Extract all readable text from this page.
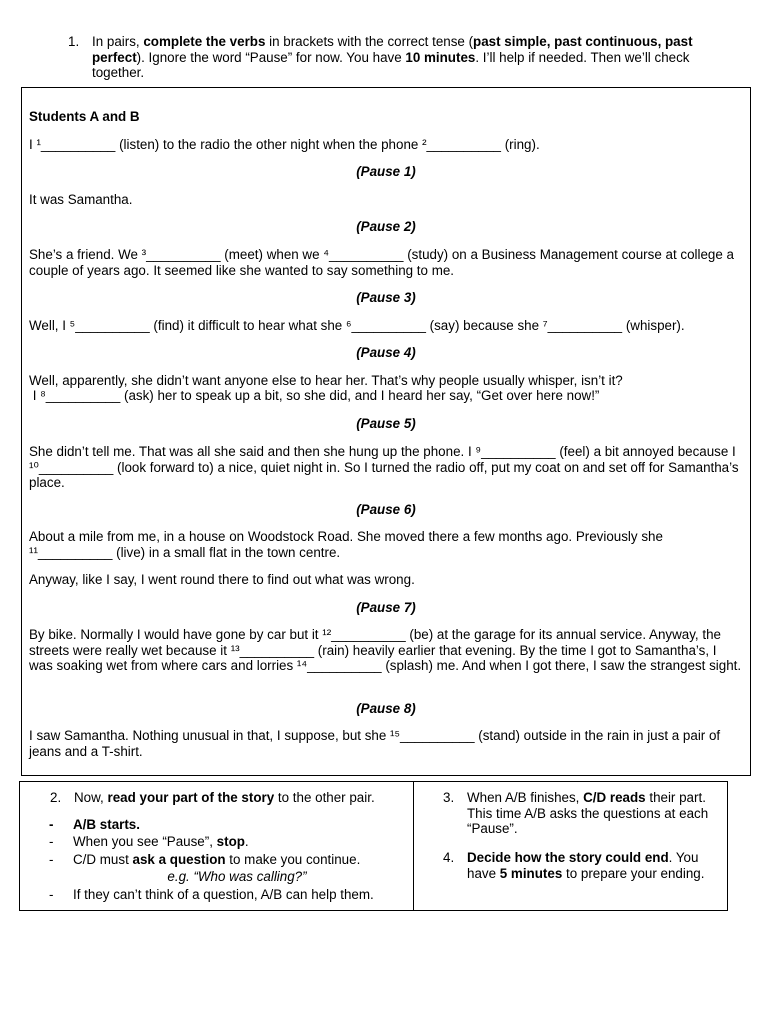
1. In pairs, complete the verbs in brackets with the correct tense (past simple, past continuous, past perfect). Ignore the word “Pause” for now. You have 10 minutes. I’ll help if needed. Then we’ll check together.

Students A and B

I ¹__________ (listen) to the radio the other night when the phone ²__________ (ring).

(Pause 1)

It was Samantha.

(Pause 2)

She’s a friend. We ³__________ (meet) when we ⁴__________ (study) on a Business Management course at college a couple of years ago. It seemed like she wanted to say something to me.

(Pause 3)

Well, I ⁵__________ (find) it difficult to hear what she ⁶__________ (say) because she ⁷__________ (whisper).

(Pause 4)

Well, apparently, she didn’t want anyone else to hear her. That’s why people usually whisper, isn’t it?

I ⁸__________ (ask) her to speak up a bit, so she did, and I heard her say, “Get over here now!”

(Pause 5)

She didn’t tell me. That was all she said and then she hung up the phone. I ⁹__________ (feel) a bit annoyed because I ¹⁰__________ (look forward to) a nice, quiet night in. So I turned the radio off, put my coat on and set off for Samantha’s place.

(Pause 6)

About a mile from me, in a house on Woodstock Road. She moved there a few months ago. Previously she ¹¹__________ (live) in a small flat in the town centre.

Anyway, like I say, I went round there to find out what was wrong.

(Pause 7)

By bike. Normally I would have gone by car but it ¹²__________ (be) at the garage for its annual service. Anyway, the streets were really wet because it ¹³__________ (rain) heavily earlier that evening. By the time I got to Samantha’s, I was soaking wet from where cars and lorries ¹⁴__________ (splash) me. And when I got there, I saw the strangest sight.

(Pause 8)

I saw Samantha. Nothing unusual in that, I suppose, but she ¹⁵__________ (stand) outside in the rain in just a pair of jeans and a T-shirt.

2. Now, read your part of the story to the other pair.
-	A/B starts.
-	When you see “Pause”, stop.
-	C/D must ask a question to make you continue.
e.g. “Who was calling?”
-	If they can’t think of a question, A/B can help them.
3. When A/B finishes, C/D reads their part. This time A/B asks the questions at each “Pause”.
4. Decide how the story could end. You have 5 minutes to prepare your ending.
